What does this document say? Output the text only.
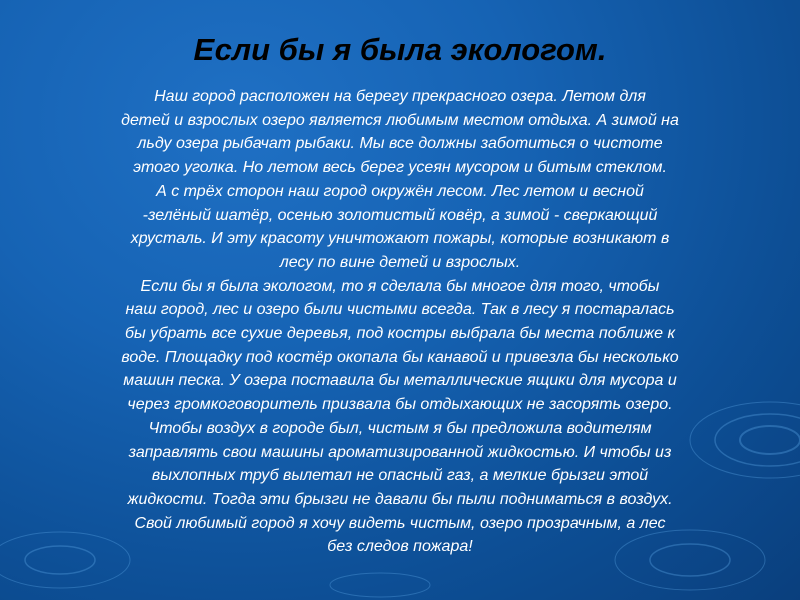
Если бы я была экологом.

Наш город расположен на берегу прекрасного озера. Летом для
детей и взрослых озеро является любимым местом отдыха. А зимой на
льду озера рыбачат рыбаки. Мы все должны заботиться о чистоте
этого уголка. Но летом весь берег усеян мусором и битым стеклом.

А с трёх сторон наш город окружён лесом. Лес летом и весной
-зелёный шатёр, осенью золотистый ковёр, а зимой - сверкающий
хрусталь. И эту красоту уничтожают пожары, которые возникают в
лесу по вине детей и взрослых.

Если бы я была экологом, то я сделала бы многое для того, чтобы
наш город, лес и озеро были чистыми всегда. Так в лесу я постаралась
бы убрать все сухие деревья, под костры выбрала бы места поближе к
воде. Площадку под костёр окопала бы канавой и привезла бы несколько
машин песка. У озера поставила бы металлические ящики для мусора и
через громкоговоритель призвала бы отдыхающих не засорять озеро.

Чтобы воздух в городе был, чистым я бы предложила водителям
заправлять свои машины ароматизированной жидкостью. И чтобы из
выхлопных труб вылетал не опасный газ, а мелкие брызги этой
жидкости. Тогда эти брызги не давали бы пыли подниматься в воздух.

Свой любимый город я хочу видеть чистым, озеро прозрачным, а лес
без следов пожара!
